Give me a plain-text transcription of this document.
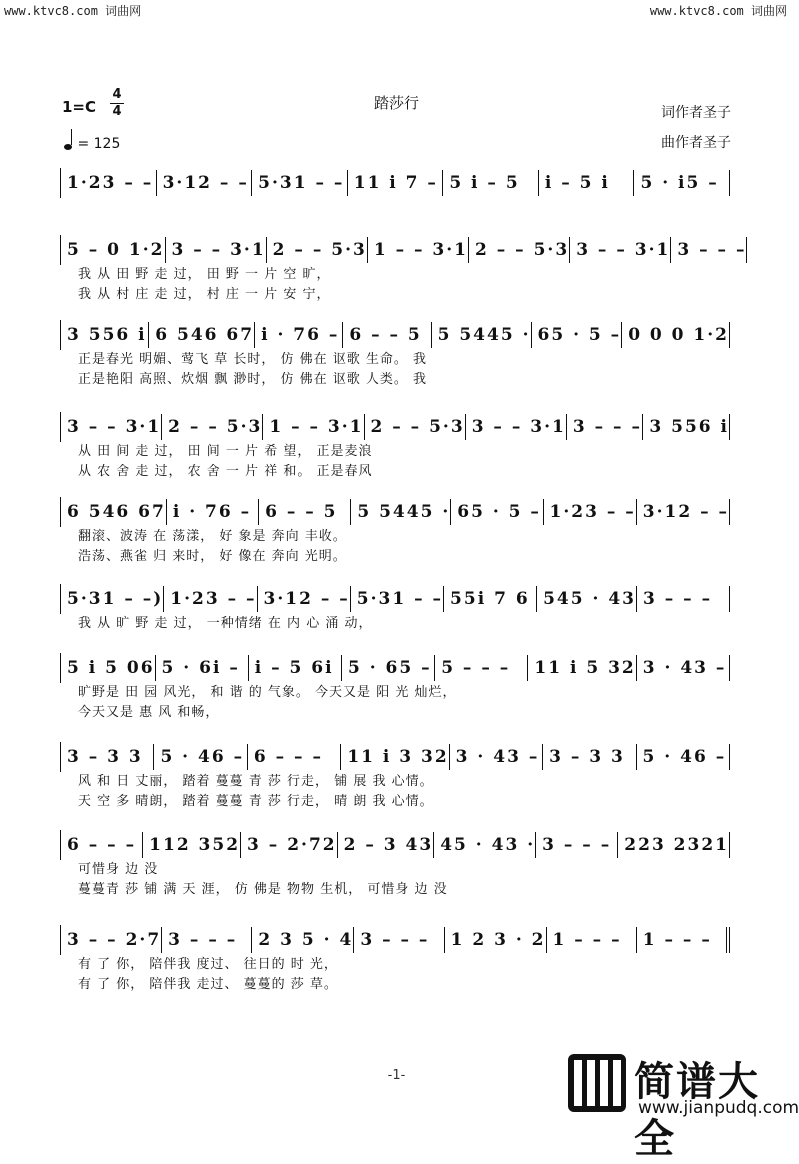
www.ktvc8.com 词曲网	www.ktvc8.com 词曲网
踏莎行
1=C
4
4
= 125
词作者圣子
曲作者圣子
1·23 – – 3·12 – – 5·31 – – 11 i 7 – 5 i – 5	i – 5 i	5 · i5 –
5 – 0 1·2 3 – – 3·1 2 – – 5·3 1 – – 3·1 2 – – 5·3 3 – – 3·1 3 – – –
我 从 田 野 走 过， 田 野 一 片 空 旷，
我 从 村 庄 走 过， 村 庄 一 片 安 宁，
3 556 i 6 546 67 i · 76 – 6 – – 5 5 5445 · 65 · 5 – 0 0 0 1·2
正是春光 明媚、莺飞 草 长时， 仿 佛在 讴歌 生命。 我
正是艳阳 高照、炊烟 飘 渺时， 仿 佛在 讴歌 人类。 我
3 – – 3·1 2 – – 5·3 1 – – 3·1 2 – – 5·3 3 – – 3·1 3 – – – 3 556 i
从 田 间 走 过， 田 间 一 片 希 望， 正是麦浪
从 农 舍 走 过， 农 舍 一 片 祥 和。 正是春风
6 546 67 i · 76 – 6 – – 5	5 5445 · 65 · 5 – 1·23 – – 3·12 – –
翻滚、波涛 在 荡漾， 好 象是 奔向 丰收。
浩荡、燕雀 归 来时， 好 像在 奔向 光明。
5·31 – –) 1·23 – – 3·12 – – 5·31 – – 55i 7 6 545 · 43 3 – – –
我 从 旷 野 走 过， 一种情绪 在 内 心 涌 动，
5 i 5 06 5 · 6i – i – 5 6i 5 · 65 – 5 – – –	11 i 5 32 3 · 43 –
旷野是 田 园 风光， 和 谐 的 气象。 今天又是 阳 光 灿烂，
今天又是 惠 风 和畅，
3 – 3 3	5 · 46 – 6 – – –	11 i 3 32 3 · 43 – 3 – 3 3	5 · 46 –
风 和 日 丈丽， 踏着 蔓蔓 青 莎 行走， 铺 展 我 心情。
天 空 多 晴朗， 踏着 蔓蔓 青 莎 行走， 晴 朗 我 心情。
6 – – – 112 352 3 – 2·72 2 – 3 43 45 · 43 · 3 – – – 223 2321
可惜身 边 没
蔓蔓青 莎 铺 满 天 涯， 仿 佛是 物物 生机， 可惜身 边 没
3 – – 2·7 3 – – –	2 3 5 · 4 3 – – –	1 2 3 · 2 1 – – –	1 – – –
有 了 你， 陪伴我 度过、 往日的 时 光，
有 了 你， 陪伴我 走过、 蔓蔓的 莎 草。
-1-	简谱大全
www.jianpudq.com
